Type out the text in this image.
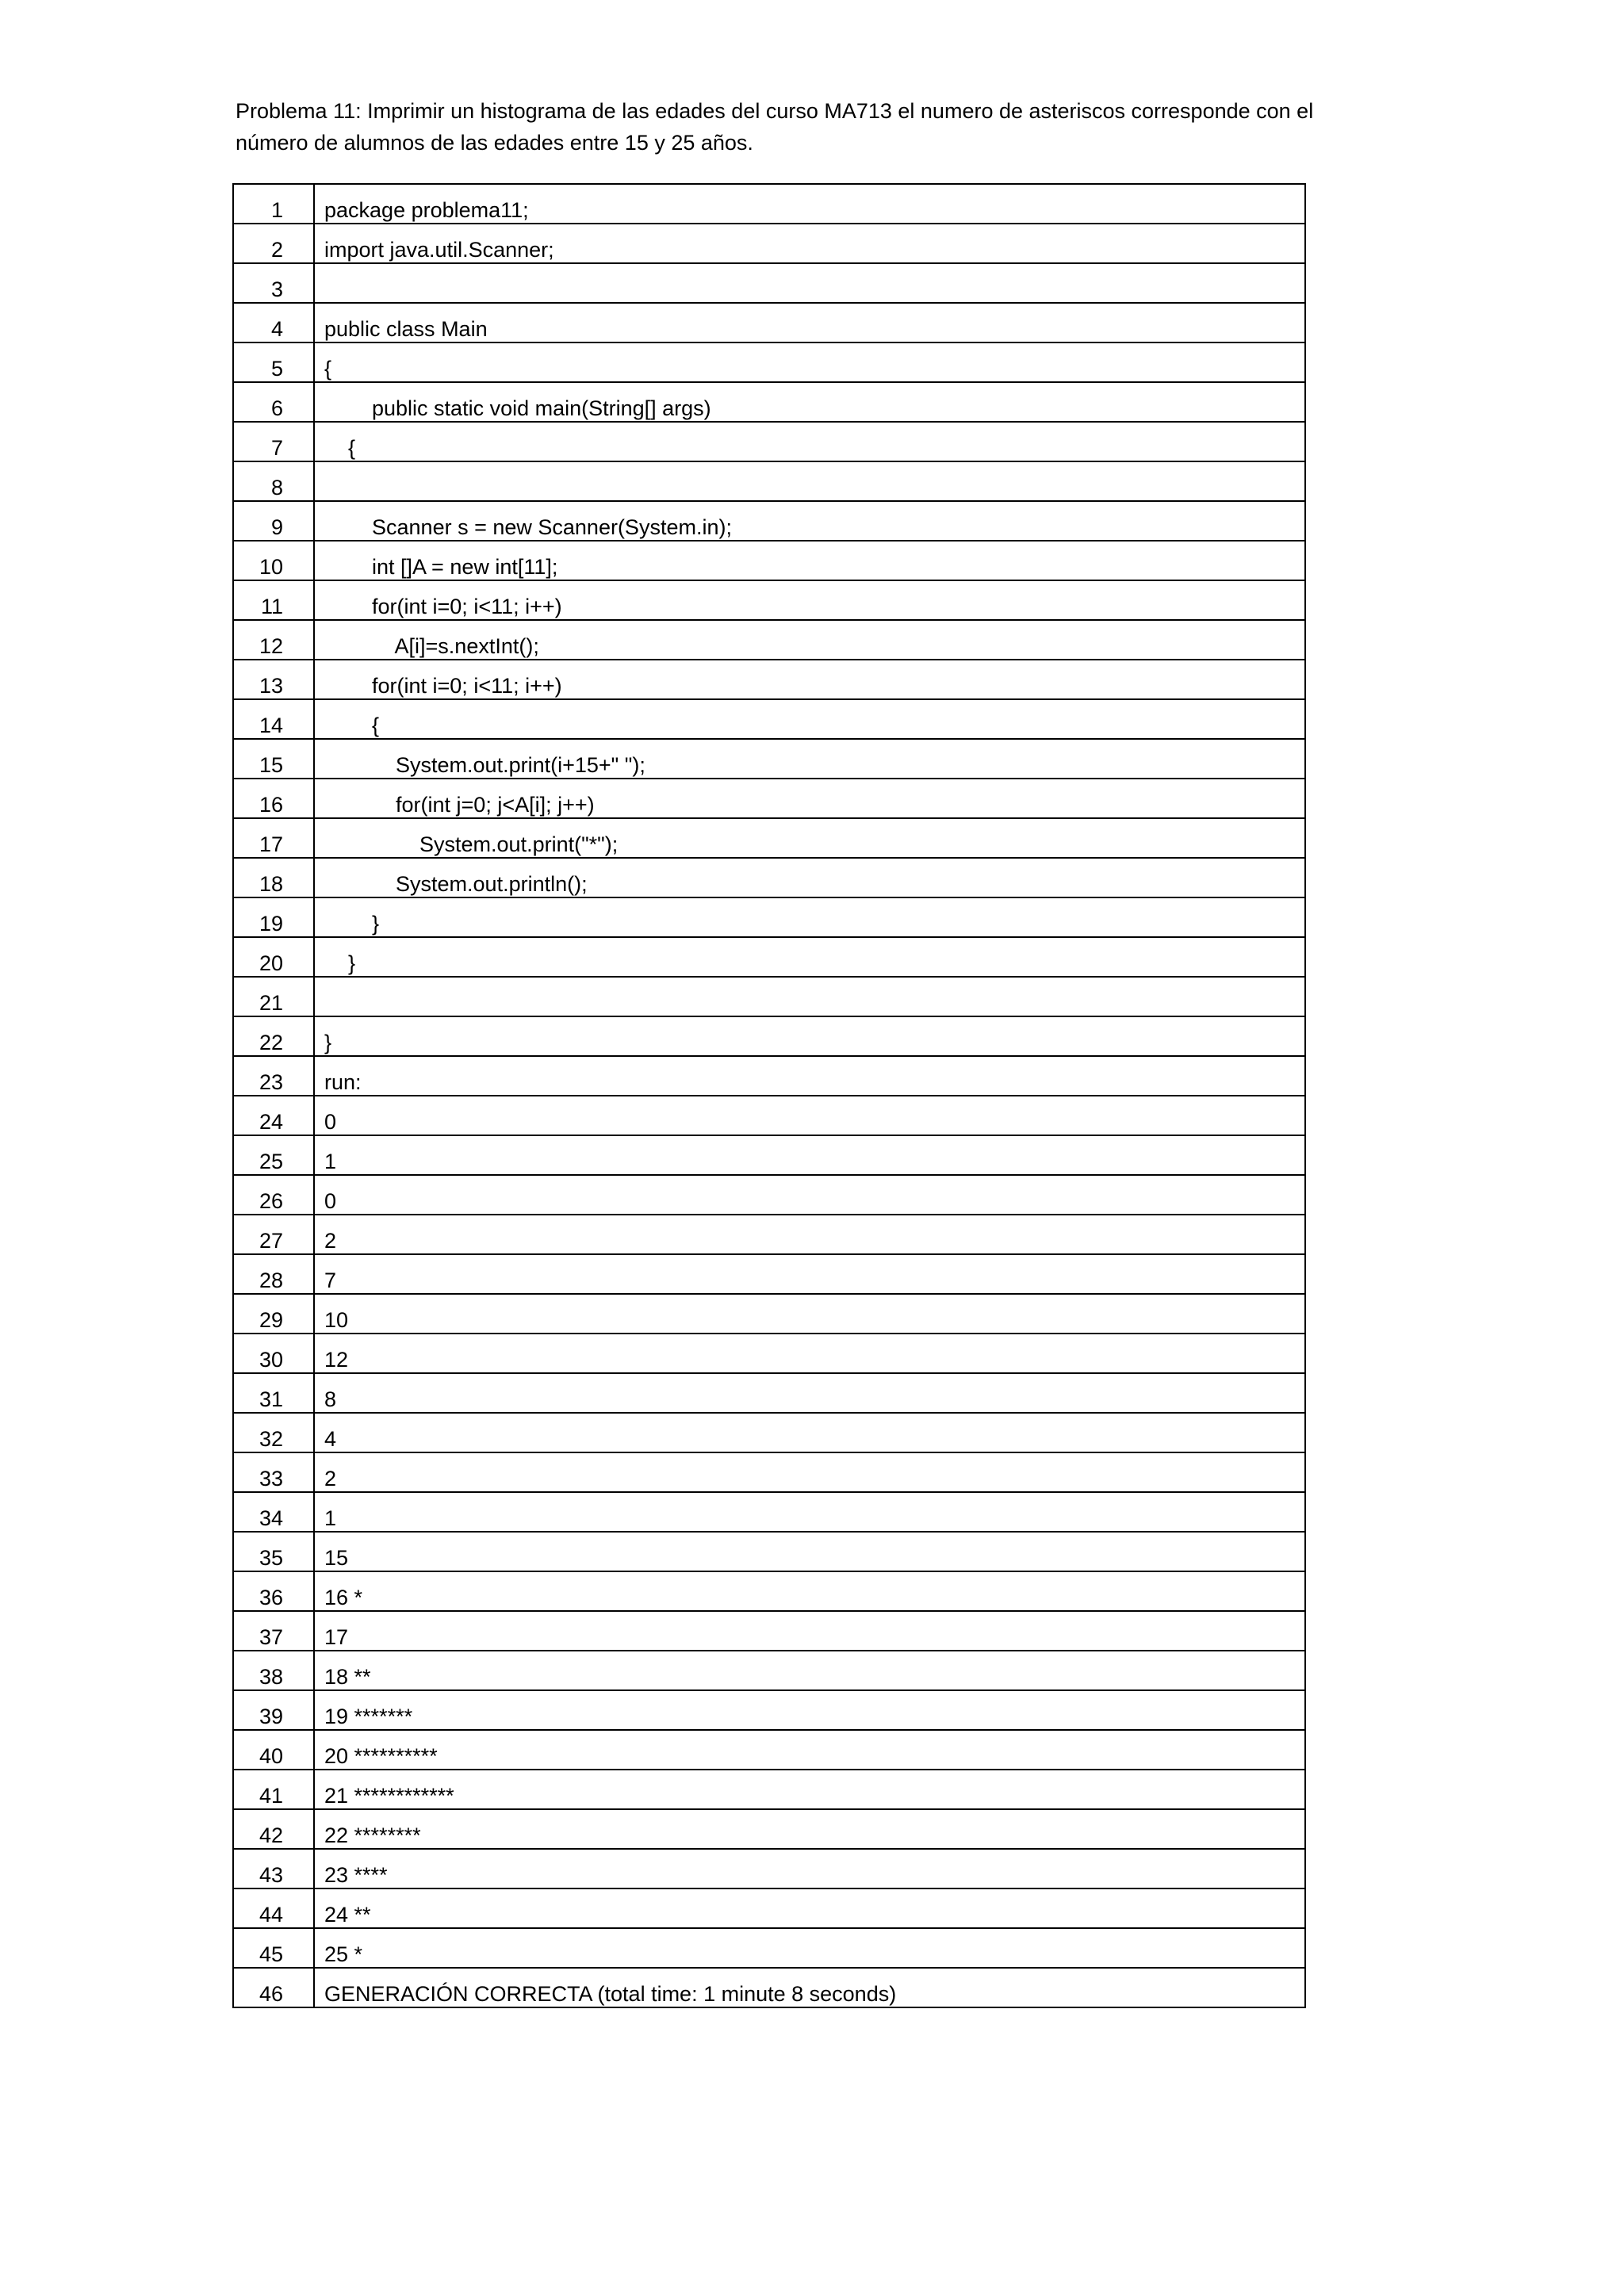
Problema 11: Imprimir un histograma de las edades del curso MA713 el numero de asteriscos corresponde con el
número de alumnos de las edades entre 15 y 25 años.
1	package problema11;
2	import java.util.Scanner;
3	
4	public class Main
5	{
6	public static void main(String[] args)
7	{
8	
9	Scanner s = new Scanner(System.in);
10	int []A = new int[11];
11	for(int i=0; i<11; i++)
12	A[i]=s.nextInt();
13	for(int i=0; i<11; i++)
14	{
15	System.out.print(i+15+" ");
16	for(int j=0; j<A[i]; j++)
17	System.out.print("*");
18	System.out.println();
19	}
20	}
21	
22	}
23	run:
24	0
25	1
26	0
27	2
28	7
29	10
30	12
31	8
32	4
33	2
34	1
35	15
36	16 *
37	17
38	18 **
39	19 *******
40	20 **********
41	21 ************
42	22 ********
43	23 ****
44	24 **
45	25 *
46	GENERACIÓN CORRECTA (total time: 1 minute 8 seconds)
